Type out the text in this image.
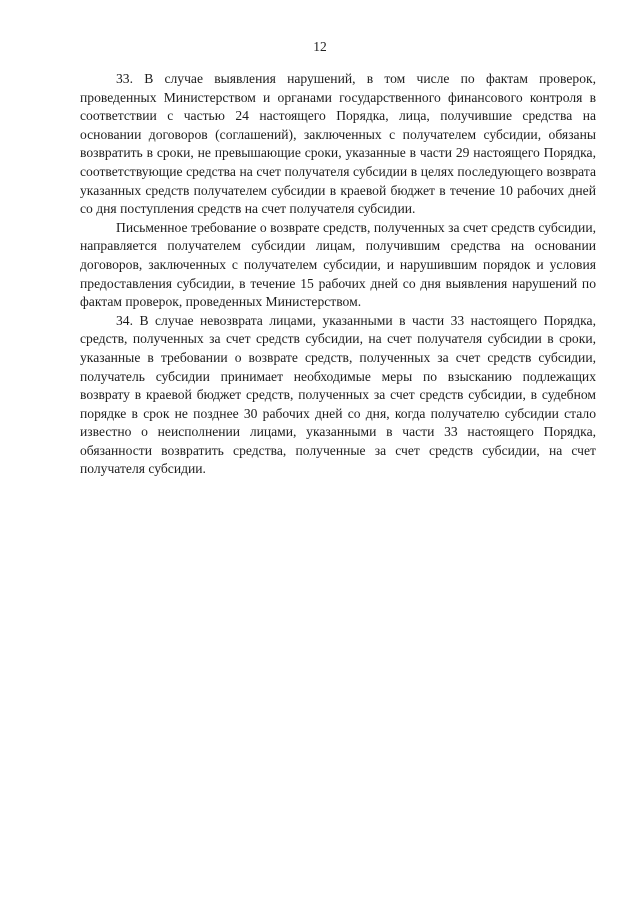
12

33. В случае выявления нарушений, в том числе по фактам проверок, проведенных Министерством и органами государственного финансового контроля в соответствии с частью 24 настоящего Порядка, лица, получившие средства на основании договоров (соглашений), заключенных с получателем субсидии, обязаны возвратить в сроки, не превышающие сроки, указанные в части 29 настоящего Порядка, соответствующие средства на счет получателя субсидии в целях последующего возврата указанных средств получателем субсидии в краевой бюджет в течение 10 рабочих дней со дня поступления средств на счет получателя субсидии.

Письменное требование о возврате средств, полученных за счет средств субсидии, направляется получателем субсидии лицам, получившим средства на основании договоров, заключенных с получателем субсидии, и нарушившим порядок и условия предоставления субсидии, в течение 15 рабочих дней со дня выявления нарушений по фактам проверок, проведенных Министерством.

34. В случае невозврата лицами, указанными в части 33 настоящего Порядка, средств, полученных за счет средств субсидии, на счет получателя субсидии в сроки, указанные в требовании о возврате средств, полученных за счет средств субсидии, получатель субсидии принимает необходимые меры по взысканию подлежащих возврату в краевой бюджет средств, полученных за счет средств субсидии, в судебном порядке в срок не позднее 30 рабочих дней со дня, когда получателю субсидии стало известно о неисполнении лицами, указанными в части 33 настоящего Порядка, обязанности возвратить средства, полученные за счет средств субсидии, на счет получателя субсидии.
